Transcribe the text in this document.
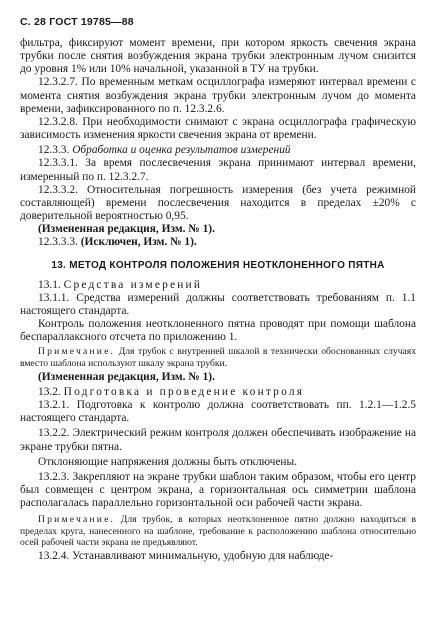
С. 28 ГОСТ 19785—88

фильтра, фиксируют момент времени, при котором яркость свечения экрана трубки после снятия возбуждения экрана трубки электронным лучом снизится до уровня 1% или 10% начальной, указанной в ТУ на трубки.

12.3.2.7. По временным меткам осциллографа измеряют интервал времени с момента снятия возбуждения экрана трубки электронным лучом до момента времени, зафиксированного по п. 12.3.2.6.

12.3.2.8. При необходимости снимают с экрана осциллографа графическую зависимость изменения яркости свечения экрана от времени.

12.3.3. Обработка и оценка результатов измерений

12.3.3.1. За время послесвечения экрана принимают интервал времени, измеренный по п. 12.3.2.7.

12.3.3.2. Относительная погрешность измерения (без учета режимной составляющей) времени послесвечения находится в пределах ±20% с доверительной вероятностью 0,95.

(Измененная редакция, Изм. № 1).

12.3.3.3. (Исключен, Изм. № 1).

13. МЕТОД КОНТРОЛЯ ПОЛОЖЕНИЯ НЕОТКЛОНЕННОГО ПЯТНА

13.1. Средства измерений

13.1.1. Средства измерений должны соответствовать требованиям п. 1.1 настоящего стандарта.

Контроль положения неотклоненного пятна проводят при помощи шаблона беспараллаксного отсчета по приложению 1.

Примечание. Для трубок с внутренней шкалой в технически обоснованных случаях вместо шаблона используют шкалу экрана трубки.

(Измененная редакция, Изм. № 1).

13.2. Подготовка и проведение контроля

13.2.1. Подготовка к контролю должна соответствовать пп. 1.2.1—1.2.5 настоящего стандарта.

13.2.2. Электрический режим контроля должен обеспечивать изображение на экране трубки пятна.

Отклоняющие напряжения должны быть отключены.

13.2.3. Закрепляют на экране трубки шаблон таким образом, чтобы его центр был совмещен с центром экрана, а горизонтальная ось симметрии шаблона располагалась параллельно горизонтальной оси рабочей части экрана.

Примечание. Для трубок, в которых неотклоненное пятно должно находиться в пределах круга, нанесенного на шаблоне, требование к расположению шаблона относительно осей рабочей части экрана не предъявляют.

13.2.4. Устанавливают минимальную, удобную для наблюде-
